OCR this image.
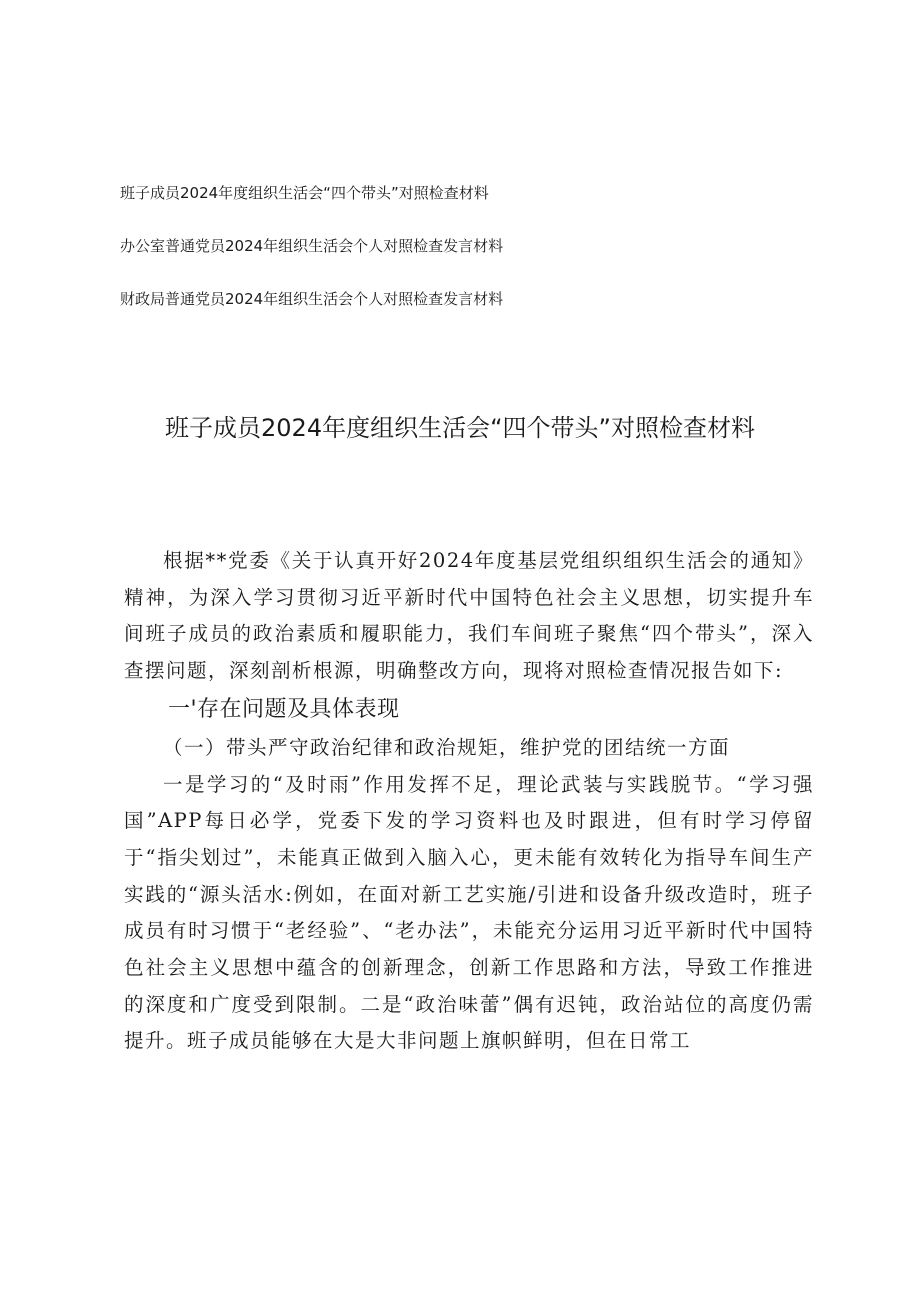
班子成员2024年度组织生活会“四个带头”对照检查材料
办公室普通党员2024年组织生活会个人对照检查发言材料
财政局普通党员2024年组织生活会个人对照检查发言材料
班子成员2024年度组织生活会“四个带头”对照检查材料

根据**党委《关于认真开好2024年度基层党组织组织生活会的通知》精神，为深入学习贯彻习近平新时代中国特色社会主义思想，切实提升车间班子成员的政治素质和履职能力，我们车间班子聚焦“四个带头”，深入查摆问题，深刻剖析根源，明确整改方向，现将对照检查情况报告如下:

一'存在问题及具体表现

（一）带头严守政治纪律和政治规矩，维护党的团结统一方面

一是学习的“及时雨”作用发挥不足，理论武装与实践脱节。“学习强国”APP每日必学，党委下发的学习资料也及时跟进，但有时学习停留于“指尖划过”，未能真正做到入脑入心，更未能有效转化为指导车间生产实践的“源头活水:例如，在面对新工艺实施/引进和设备升级改造时，班子成员有时习惯于“老经验”、“老办法”，未能充分运用习近平新时代中国特色社会主义思想中蕴含的创新理念，创新工作思路和方法，导致工作推进的深度和广度受到限制。二是“政治味蕾”偶有迟钝，政治站位的高度仍需提升。班子成员能够在大是大非问题上旗帜鲜明，但在日常工
